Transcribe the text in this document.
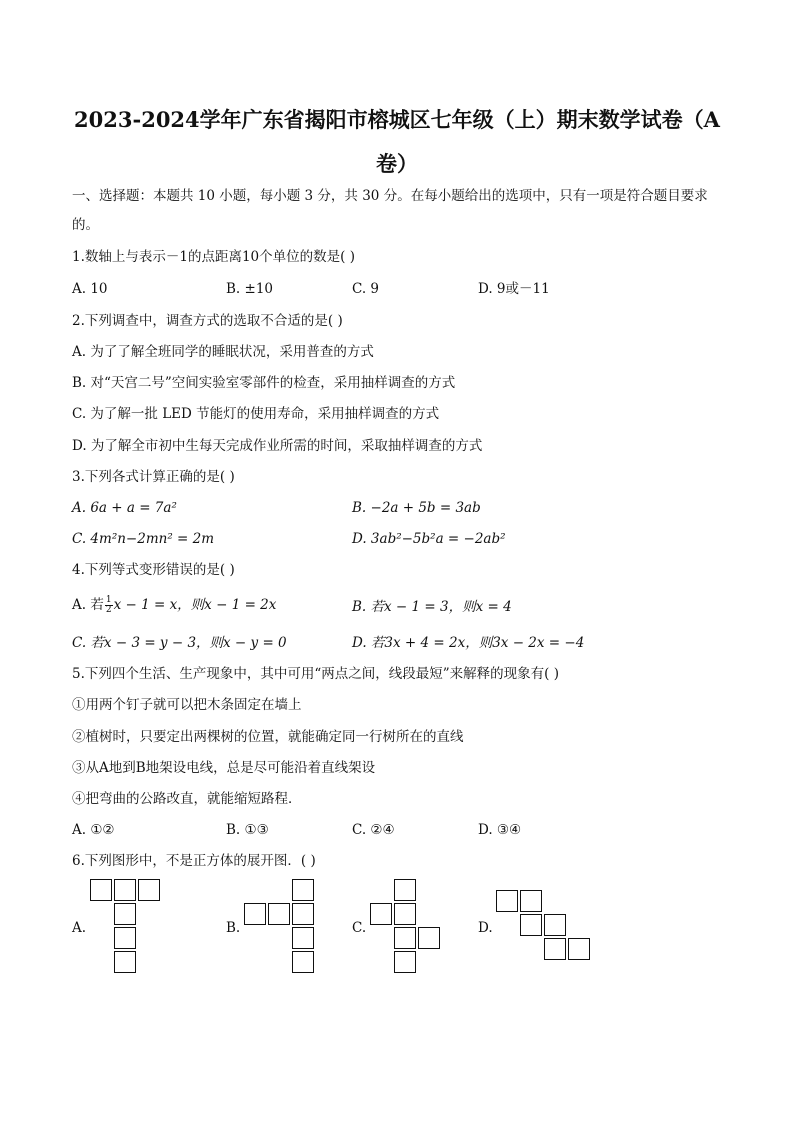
2023-2024学年广东省揭阳市榕城区七年级（上）期末数学试卷（A
卷）
一、选择题：本题共 10 小题，每小题 3 分，共 30 分。在每小题给出的选项中，只有一项是符合题目要求
的。
1.数轴上与表示－1的点距离10个单位的数是( )
A. 10	B. ±10	C. 9	D. 9或－11
2.下列调查中，调查方式的选取不合适的是( )
A. 为了了解全班同学的睡眠状况，采用普查的方式
B. 对“天宫二号”空间实验室零部件的检查，采用抽样调查的方式
C. 为了解一批 LED 节能灯的使用寿命，采用抽样调查的方式
D. 为了解全市初中生每天完成作业所需的时间，采取抽样调查的方式
3.下列各式计算正确的是( )
A. 6a + a = 7a²	B. −2a + 5b = 3ab
C. 4m²n−2mn² = 2m	D. 3ab²−5b²a = −2ab²
4.下列等式变形错误的是( )
A. 若 $\frac{1}{2}$ x − 1 = x，则x − 1 = 2x	B. 若x − 1 = 3，则x = 4
C. 若x − 3 = y − 3，则x − y = 0	D. 若3x + 4 = 2x，则3x − 2x = −4
5.下列四个生活、生产现象中，其中可用“两点之间，线段最短”来解释的现象有( )
①用两个钉子就可以把木条固定在墙上
②植树时，只要定出两棵树的位置，就能确定同一行树所在的直线
③从A地到B地架设电线，总是尽可能沿着直线架设
④把弯曲的公路改直，就能缩短路程．
A. ①②	B. ①③	C. ②④	D. ③④
6.下列图形中，不是正方体的展开图．( )
A.	B.	C.	D.
